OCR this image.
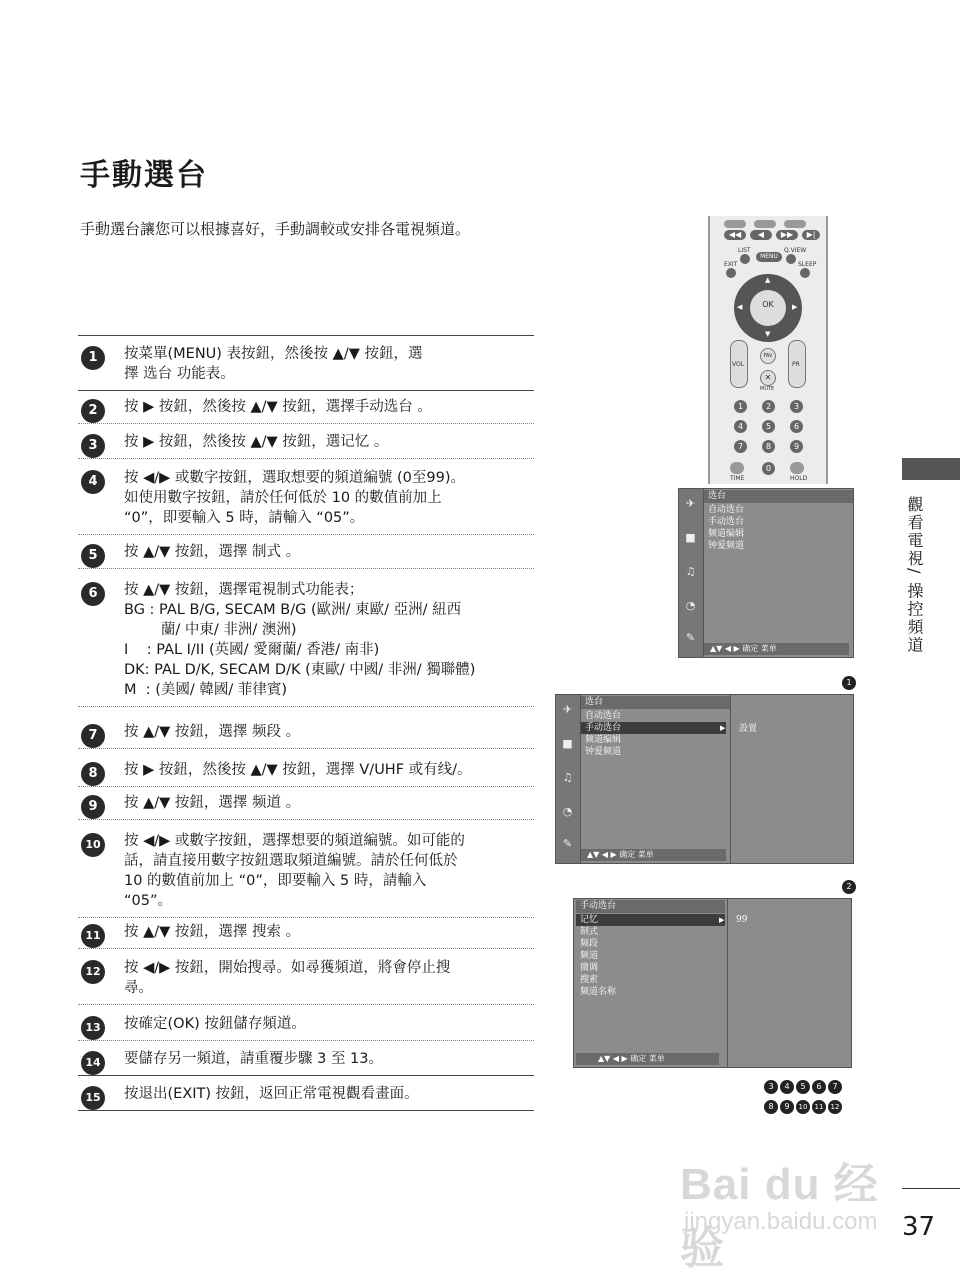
手動選台
手動選台讓您可以根據喜好，手動調較或安排各電視頻道。
1	按菜單(MENU) 表按鈕，然後按 ▲/▼ 按鈕，選
擇 选台 功能表。
2	按 ▶ 按鈕，然後按 ▲/▼ 按鈕，選擇手动选台 。
3	按 ▶ 按鈕，然後按 ▲/▼ 按鈕，選记忆 。
4	按 ◀/▶ 或數字按鈕，選取想要的頻道編號 (0至99)。
如使用數字按鈕，請於任何低於 10 的數值前加上
“0”，即要輸入 5 時，請輸入 “05”。
5	按 ▲/▼ 按鈕，選擇 制式 。
6	按 ▲/▼ 按鈕，選擇電視制式功能表；
BG : PAL B/G, SECAM B/G (歐洲/ 東歐/ 亞洲/ 紐西
蘭/ 中東/ 非洲/ 澳洲)
I    : PAL I/II (英國/ 愛爾蘭/ 香港/ 南非)
DK: PAL D/K, SECAM D/K (東歐/ 中國/ 非洲/ 獨聯體)
M  : (美國/ 韓國/ 菲律賓)
7	按 ▲/▼ 按鈕，選擇 频段 。
8	按 ▶ 按鈕，然後按 ▲/▼ 按鈕，選擇 V/UHF 或有线/。
9	按 ▲/▼ 按鈕，選擇 频道 。
10 按 ◀/▶ 或數字按鈕，選擇想要的頻道編號。如可能的
話，請直接用數字按鈕選取頻道編號。請於任何低於
10 的數值前加上 “0”，即要輸入 5 時，請輸入
“05”。
11 按 ▲/▼ 按鈕，選擇 搜索 。
12 按 ◀/▶ 按鈕，開始搜尋。如尋獲頻道，將會停止搜
尋。
13 按確定(OK) 按鈕儲存頻道。
14 要儲存另一頻道，請重覆步驟 3 至 13。
15 按退出(EXIT) 按鈕，返回正常電視觀看畫面。
◀◀	◀	▶▶	▶|
LIST	Q.VIEW
EXIT	SLEEP
MENU
OK
▲
▼
◀	▶
VOL	PR
FAV
✕
MUTE
1	2	3
4	5	6
7	8	9
0
TIME	HOLD
✈
■
♫
◔
✎
选台
▲▼ ◀ ▶ 确定 菜单
自动选台
手动选台
频道编辑
钟爱频道
1
✈
■
♫
◔
✎
选台
▲▼ ◀ ▶ 确定 菜单
自动选台
手动选台	▶
频道编辑
钟爱频道
設置
2
手动选台
▲▼ ◀ ▶ 确定 菜单
记忆	▶
制式
频段
频道
微调
搜索
频道名称
99
3 4 5 6 7
8 9 10 11 12
觀看電視/ 操控頻道
Bai du 经验
jingyan.baidu.com 37
